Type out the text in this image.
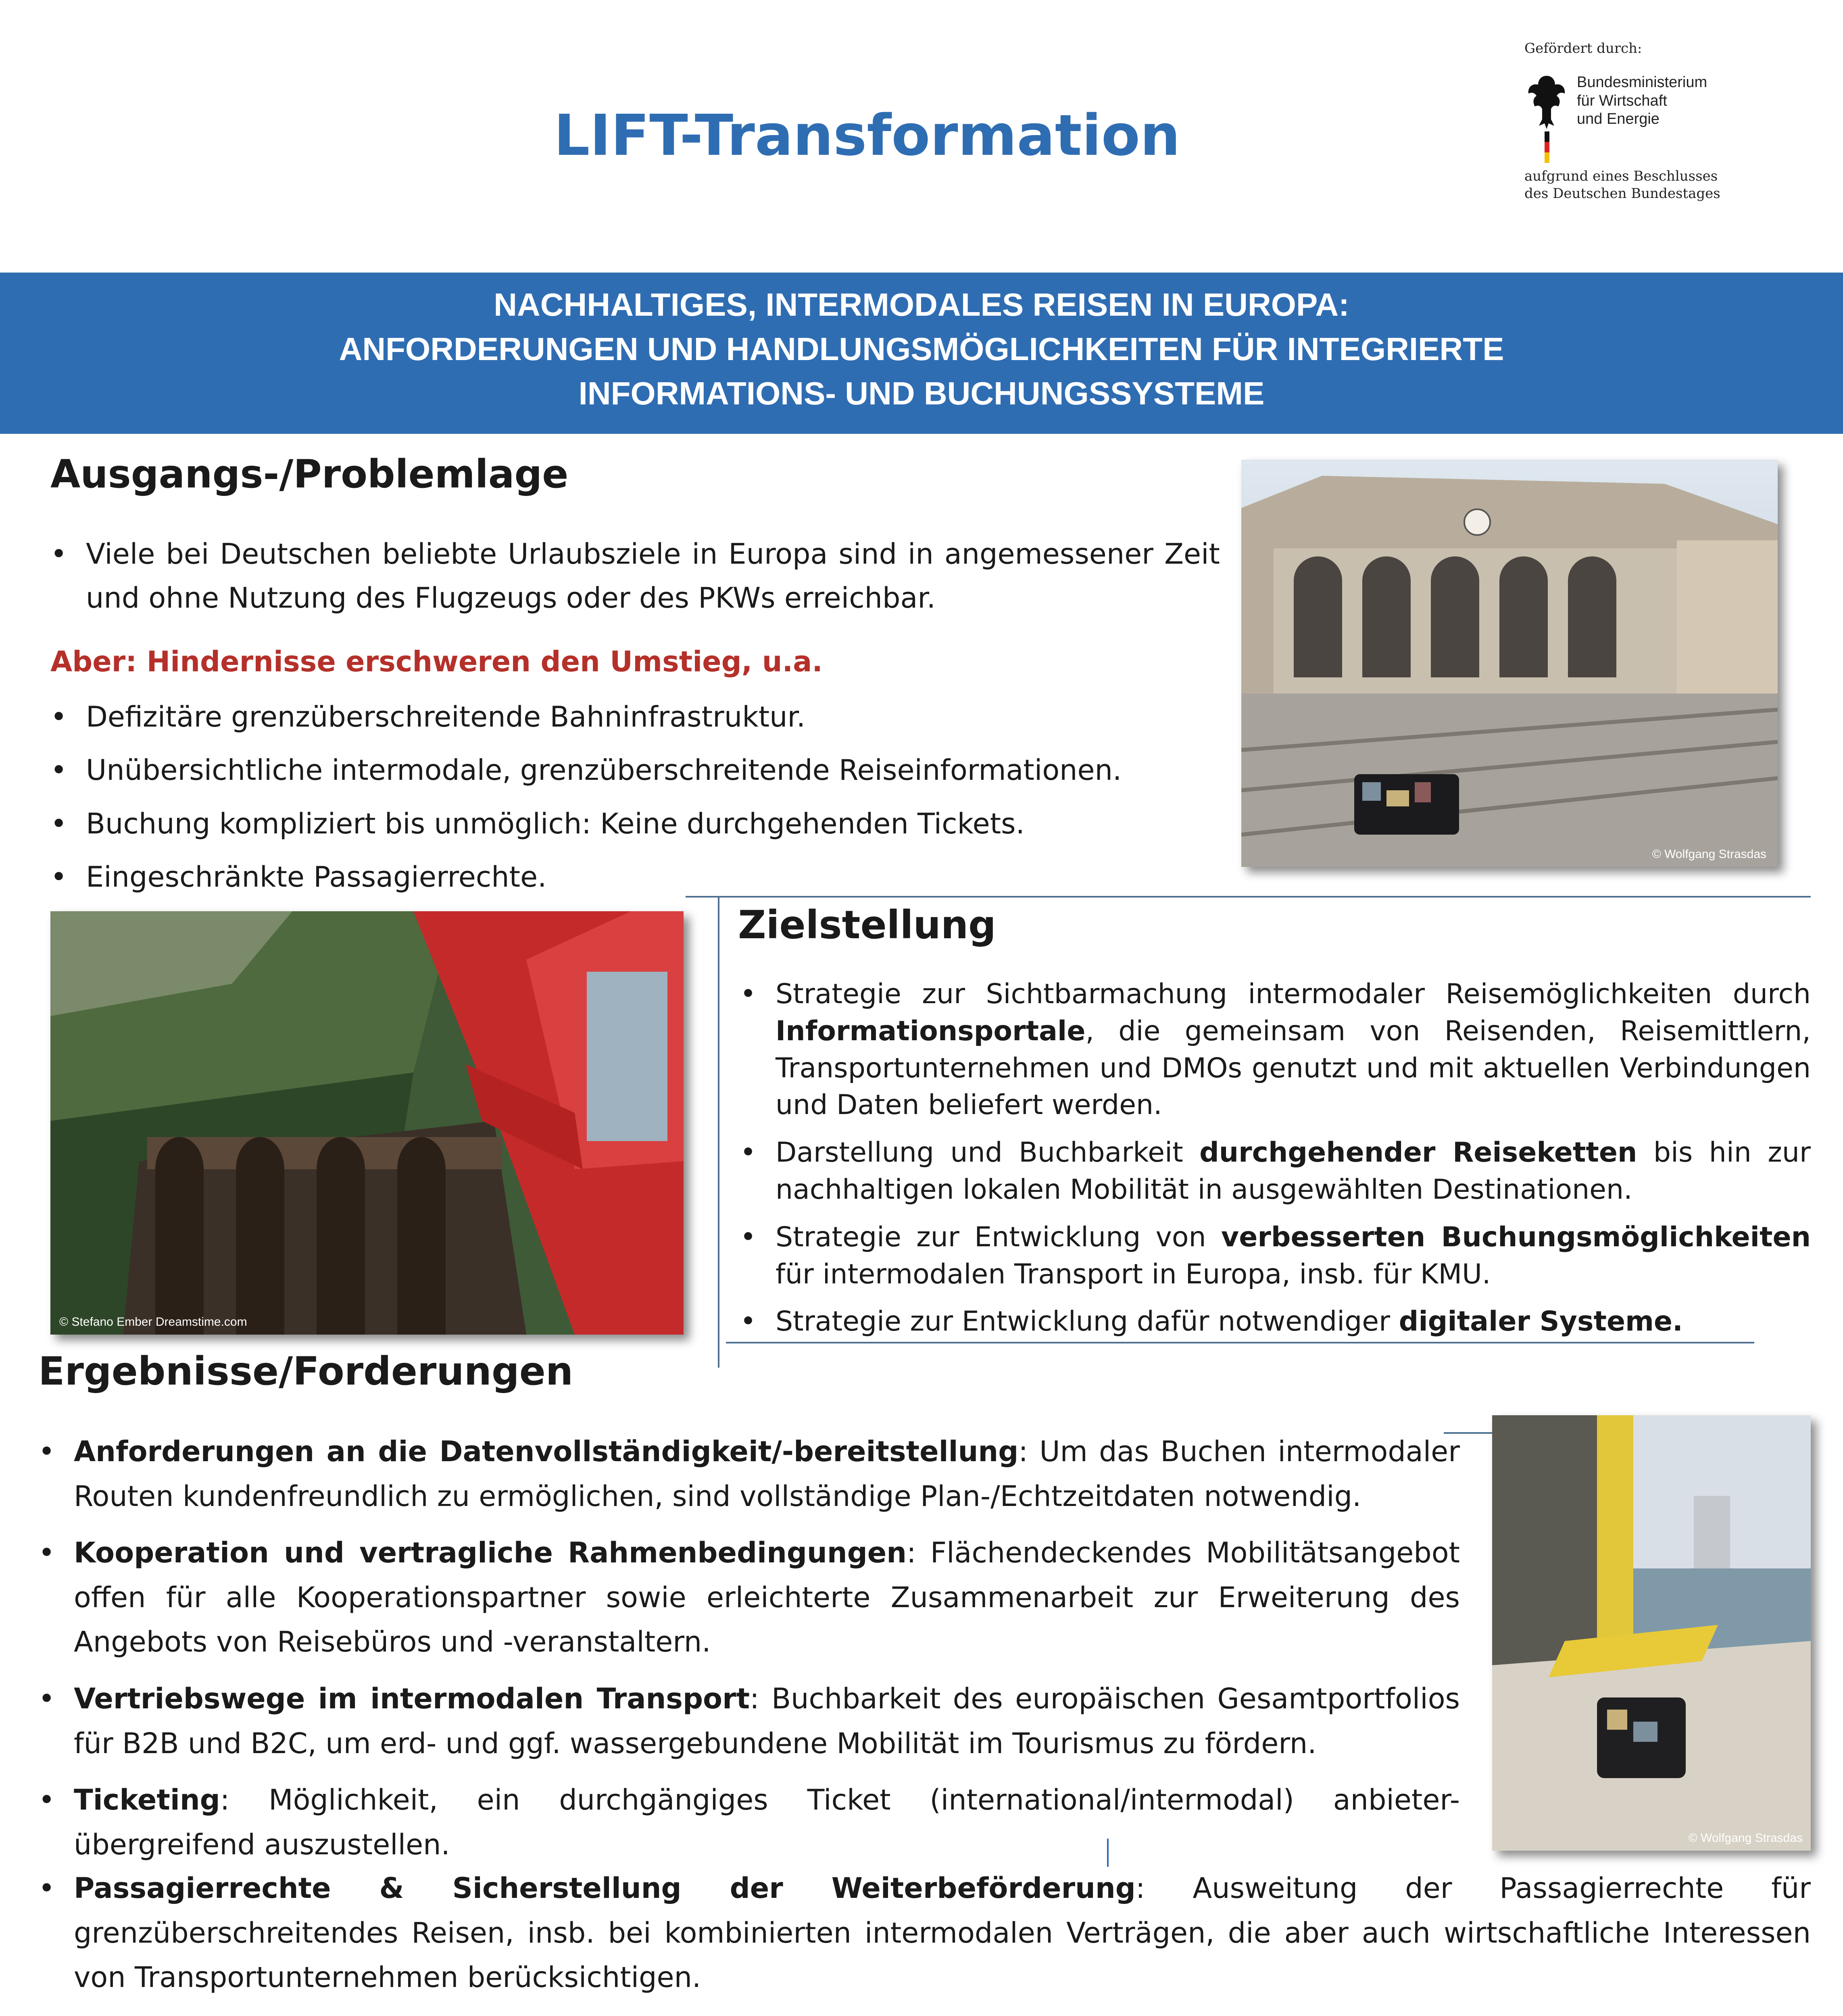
LIFT-Transformation
Gefördert durch:
Bundesministerium
für Wirtschaft
und Energie
aufgrund eines Beschlusses
des Deutschen Bundestages
NACHHALTIGES, INTERMODALES REISEN IN EUROPA:
ANFORDERUNGEN UND HANDLUNGSMÖGLICHKEITEN FÜR INTEGRIERTE
INFORMATIONS- UND BUCHUNGSSYSTEME
Ausgangs-/Problemlage
• Viele bei Deutschen beliebte Urlaubsziele in Europa sind in angemessener Zeit und ohne Nutzung des Flugzeugs oder des PKWs erreichbar.
Aber: Hindernisse erschweren den Umstieg, u.a.
• Defizitäre grenzüberschreitende Bahninfrastruktur.
• Unübersichtliche intermodale, grenzüberschreitende Reiseinformationen.
• Buchung kompliziert bis unmöglich: Keine durchgehenden Tickets.
• Eingeschränkte Passagierrechte.
© Wolfgang Strasdas
© Stefano Ember Dreamstime.com
Zielstellung
• Strategie zur Sichtbarmachung intermodaler Reisemöglichkeiten durch Informationsportale, die gemeinsam von Reisenden, Reisemittlern, Transportunternehmen und DMOs genutzt und mit aktuellen Verbindungen und Daten beliefert werden.
• Darstellung und Buchbarkeit durchgehender Reiseketten bis hin zur nachhaltigen lokalen Mobilität in ausgewählten Destinationen.
• Strategie zur Entwicklung von verbesserten Buchungsmöglichkeiten für intermodalen Transport in Europa, insb. für KMU.
• Strategie zur Entwicklung dafür notwendiger digitaler Systeme.
Ergebnisse/Forderungen
© Wolfgang Strasdas
• Anforderungen an die Datenvollständigkeit/-bereitstellung: Um das Buchen intermodaler Routen kundenfreundlich zu ermöglichen, sind vollständige Plan-/Echtzeitdaten notwendig.
• Kooperation und vertragliche Rahmenbedingungen: Flächendeckendes Mobilitätsangebot offen für alle Kooperationspartner sowie erleichterte Zusammenarbeit zur Erweiterung des Angebots von Reisebüros und -veranstaltern.
• Vertriebswege im intermodalen Transport: Buchbarkeit des europäischen Gesamtportfolios für B2B und B2C, um erd- und ggf. wassergebundene Mobilität im Tourismus zu fördern.
• Ticketing: Möglichkeit, ein durchgängiges Ticket (international/intermodal) anbieter-übergreifend auszustellen.
• Passagierrechte & Sicherstellung der Weiterbeförderung: Ausweitung der Passagierrechte für grenzüberschreitendes Reisen, insb. bei kombinierten intermodalen Verträgen, die aber auch wirtschaftliche Interessen von Transportunternehmen berücksichtigen.
•
